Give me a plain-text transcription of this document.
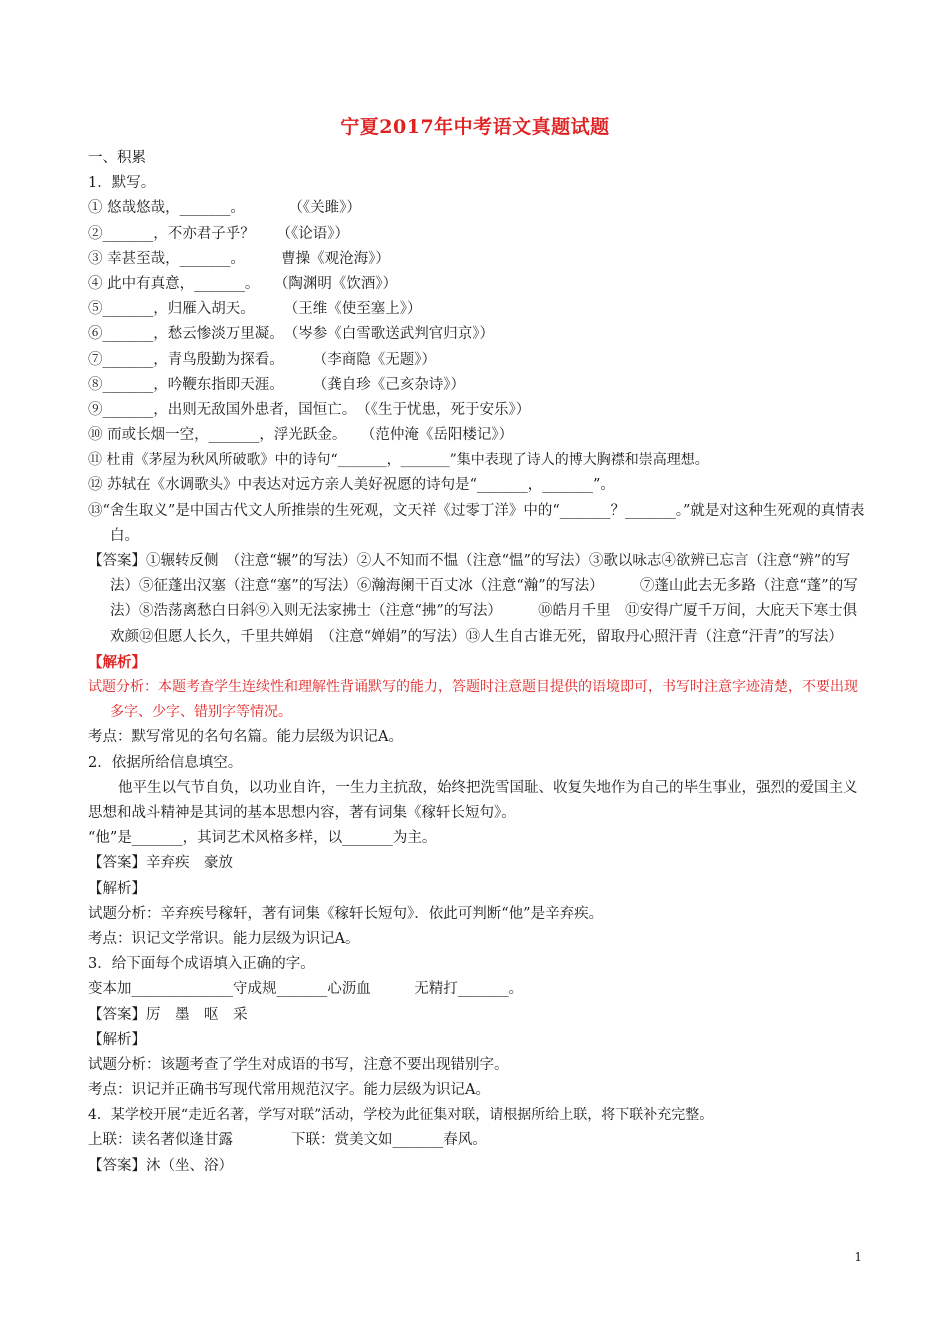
宁夏2017年中考语文真题试题
一、积累
1．默写。
① 悠哉悠哉，_______。　　　　（《关雎》）
②_______，不亦君子乎？　　（《论语》）
③ 幸甚至哉，_______。　　　曹操《观沧海》）
④ 此中有真意，_______。　　（陶渊明《饮酒》）
⑤_______，归雁入胡天。　　　（王维《使至塞上》）
⑥_______，愁云惨淡万里凝。　（岑参《白雪歌送武判官归京》）
⑦_______，青鸟殷勤为探看。　　　（李商隐《无题》）
⑧_______，吟鞭东指即天涯。　　　（龚自珍《己亥杂诗》）
⑨_______，出则无敌国外患者，国恒亡。　（《生于忧患，死于安乐》）
⑩ 而或长烟一空，_______，浮光跃金。　　（范仲淹《岳阳楼记》）
⑪ 杜甫《茅屋为秋风所破歌》中的诗句“_______，_______”集中表现了诗人的博大胸襟和崇高理想。
⑫ 苏轼在《水调歌头》中表达对远方亲人美好祝愿的诗句是“_______，_______”。
⑬“舍生取义”是中国古代文人所推崇的生死观，文天祥《过零丁洋》中的“_______？_______。”就是对这种生死观的真情表白。
【答案】①辗转反侧　（注意“辗”的写法）②人不知而不愠（注意“愠”的写法）③歌以咏志④欲辨已忘言（注意“辨”的写法）⑤征蓬出汉塞（注意“塞”的写法）⑥瀚海阑干百丈冰（注意“瀚”的写法）　　　⑦蓬山此去无多路（注意“蓬”的写法）⑧浩荡离愁白日斜⑨入则无法家拂士（注意“拂”的写法）　　　⑩皓月千里　⑪安得广厦千万间，大庇天下寒士俱欢颜⑫但愿人长久，千里共婵娟　（注意“婵娟”的写法）⑬人生自古谁无死，留取丹心照汗青（注意“汗青”的写法）
【解析】
试题分析：本题考查学生连续性和理解性背诵默写的能力，答题时注意题目提供的语境即可，书写时注意字迹清楚，不要出现多字、少字、错别字等情况。
考点：默写常见的名句名篇。能力层级为识记A。
2．依据所给信息填空。
他平生以气节自负，以功业自许，一生力主抗敌，始终把洗雪国耻、收复失地作为自己的毕生事业，强烈的爱国主义思想和战斗精神是其词的基本思想内容，著有词集《稼轩长短句》。
“他”是_______，其词艺术风格多样，以_______为主。
【答案】辛弃疾　豪放
【解析】
试题分析：辛弃疾号稼轩，著有词集《稼轩长短句》．依此可判断“他”是辛弃疾。
考点：识记文学常识。能力层级为识记A。
3．给下面每个成语填入正确的字。
变本加______________守成规_______心沥血　　　无精打_______。
【答案】厉　墨　呕　采
【解析】
试题分析：该题考查了学生对成语的书写，注意不要出现错别字。
考点：识记并正确书写现代常用规范汉字。能力层级为识记A。
4．某学校开展“走近名著，学写对联”活动，学校为此征集对联，请根据所给上联，将下联补充完整。
上联：读名著似逢甘露　　　　下联：赏美文如_______春风。
【答案】沐（坐、浴）
1
